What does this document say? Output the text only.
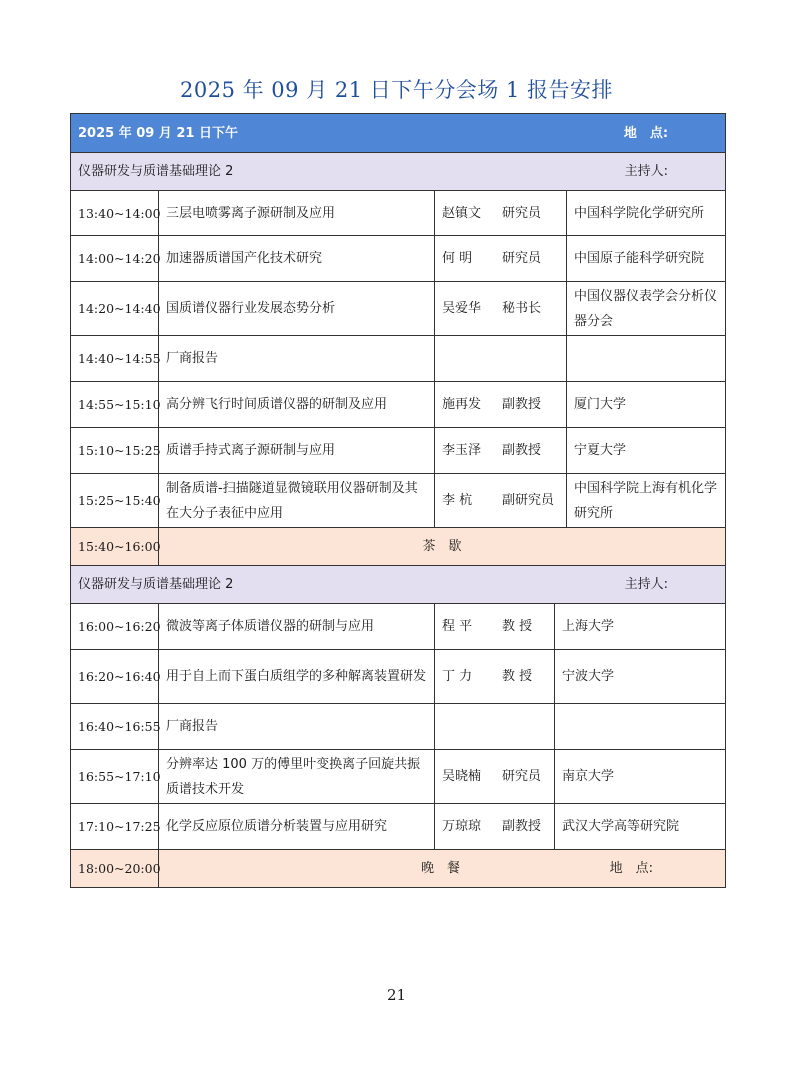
2025 年 09 月 21 日下午分会场 1 报告安排
2025 年 09 月 21 日下午 地　点:				

仪器研发与质谱基础理论 2 主持人:				

13:40~14:00	三层电喷雾离子源研制及应用	赵镇文 研究员		中国科学院化学研究所
14:00~14:20	加速器质谱国产化技术研究	何 明 研究员		中国原子能科学研究院
14:20~14:40	国质谱仪器行业发展态势分析	吴爱华 秘书长		中国仪器仪表学会分析仪器分会
14:40~14:55	厂商报告		

14:55~15:10	高分辨飞行时间质谱仪器的研制及应用	施再发 副教授		厦门大学
15:10~15:25	质谱手持式离子源研制与应用	李玉泽 副教授		宁夏大学
15:25~15:40	制备质谱-扫描隧道显微镜联用仪器研制及其在大分子表征中应用	李 杭 副研究员		中国科学院上海有机化学研究所
15:40~16:00	茶　歇			

仪器研发与质谱基础理论 2 主持人:				

16:00~16:20	微波等离子体质谱仪器的研制与应用	程 平 教 授	上海大学	
16:20~16:40	用于自上而下蛋白质组学的多种解离装置研发	丁 力 教 授	宁波大学	
16:40~16:55	厂商报告		

16:55~17:10	分辨率达 100 万的傅里叶变换离子回旋共振质谱技术开发	吴晓楠 研究员	南京大学	
17:10~17:25	化学反应原位质谱分析装置与应用研究	万琼琼 副教授	武汉大学高等研究院	
18:00~20:00	晚　餐 地　点:			
21
